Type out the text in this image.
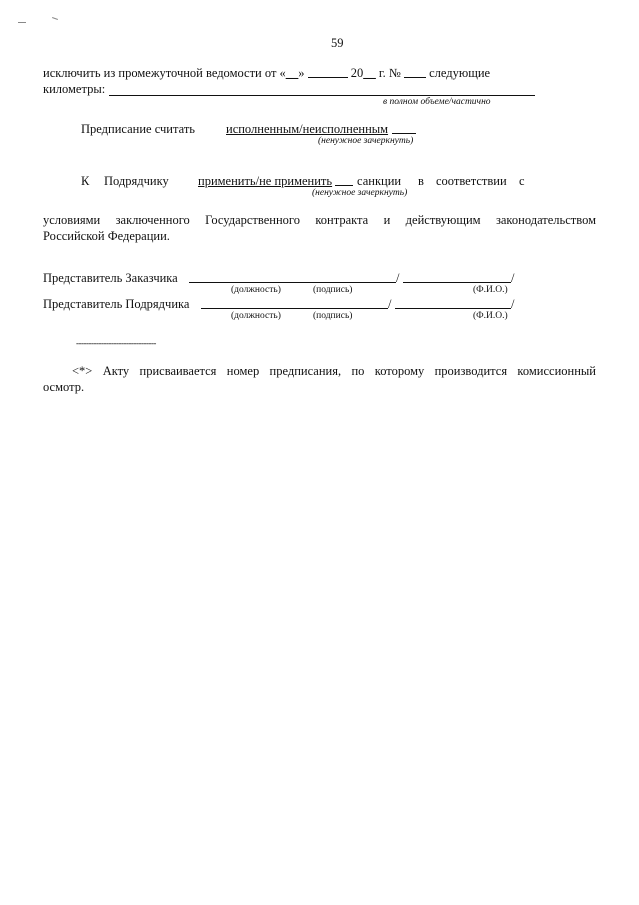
59
исключить из промежуточной ведомости от «__»	20__ г. № следующие
километры:
в полном объеме/частично
Предписание считать исполненным/неисполненным
(ненужное зачеркнуть)
К Подрядчику применить/не применить санкции в соответствии с
(ненужное зачеркнуть)
условиями заключенного Государственного контракта и действующим законодательством
Российской Федерации.
Представитель Заказчика	/	/
(должность)	(подпись)	(Ф.И.О.)
Представитель Подрядчика	/	/
(должность)	(подпись)	(Ф.И.О.)
--------------------------------
<*> Акту присваивается номер предписания, по которому производится комиссионный
осмотр.
